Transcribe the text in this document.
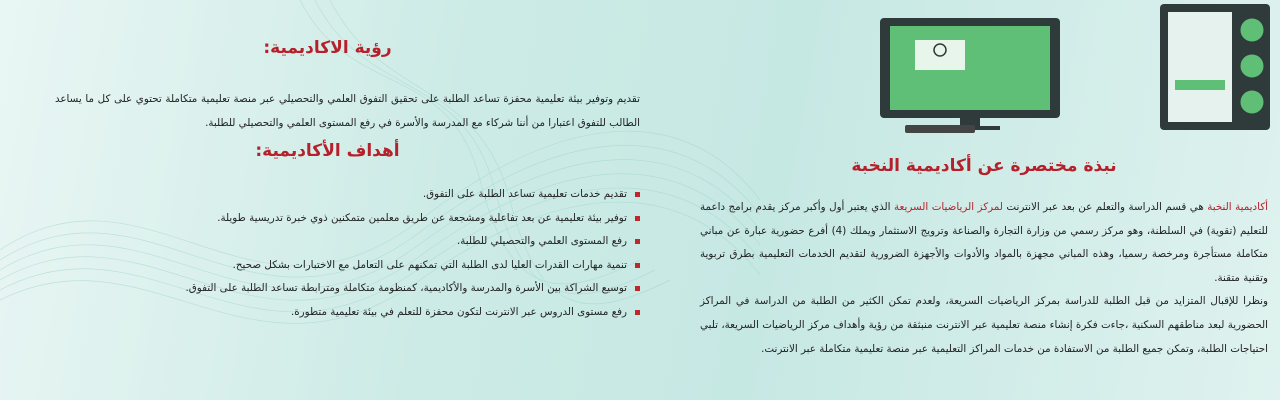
نبذة مختصرة عن أكاديمية النخبة

أكاديمية النخبة هي قسم الدراسة والتعلم عن بعد عبر الانترنت لمركز الرياضيات السريعة الذي يعتبر أول وأكبر مركز يقدم برامج داعمة للتعليم (تقوية) في السلطنة، وهو مركز رسمي من وزارة التجارة والصناعة وترويج الاستثمار ويملك (4) أفرع حضورية عبارة عن مباني متكاملة مستأجرة ومرخصة رسميا، وهذه المباني مجهزة بالمواد والأدوات والأجهزة الضرورية لتقديم الخدمات التعليمية بطرق تربوية وتقنية متقنة.

ونظرا للإقبال المتزايد من قبل الطلبة للدراسة بمركز الرياضيات السريعة، ولعدم تمكن الكثير من الطلبة من الدراسة في المراكز الحضورية لبعد مناطقهم السكنية ،جاءت فكرة إنشاء منصة تعليمية عبر الانترنت منبثقة من رؤية وأهداف مركز الرياضيات السريعة، تلبي احتياجات الطلبة، وتمكن جميع الطلبة من الاستفادة من خدمات المراكز التعليمية عبر منصة تعليمية متكاملة عبر الانترنت.

رؤية الاكاديمية:

تقديم وتوفير بيئة تعليمية محفزة تساعد الطلبة على تحقيق التفوق العلمي والتحصيلي عبر منصة تعليمية متكاملة تحتوي على كل ما يساعد الطالب للتفوق اعتبارا من أننا شركاء مع المدرسة والأسرة في رفع المستوى العلمي والتحصيلي للطلبة.

أهداف الأكاديمية:
تقديم خدمات تعليمية تساعد الطلبة على التفوق.
توفير بيئة تعليمية عن بعد تفاعلية ومشجعة عن طريق معلمين متمكنين ذوي خبرة تدريسية طويلة.
رفع المستوى العلمي والتحصيلي للطلبة.
تنمية مهارات القدرات العليا لدى الطلبة التي تمكنهم على التعامل مع الاختبارات بشكل صحيح.
توسيع الشراكة بين الأسرة والمدرسة والأكاديمية، كمنظومة متكاملة ومترابطة تساعد الطلبة على التفوق.
رفع مستوى الدروس عبر الانترنت لتكون محفزة للتعلم في بيئة تعليمية متطورة.
